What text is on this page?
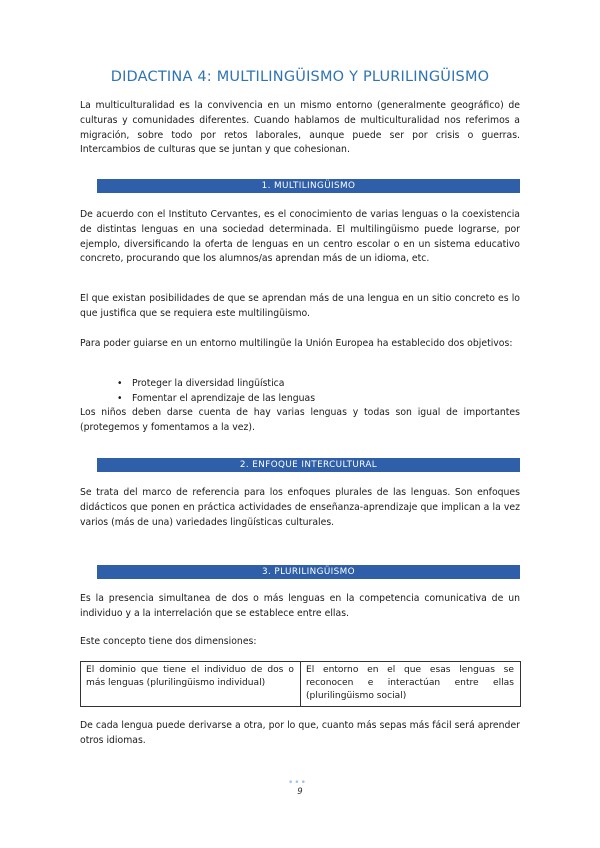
DIDACTINA 4: MULTILINGÜISMO Y PLURILINGÜISMO
La multiculturalidad es la convivencia en un mismo entorno (generalmente geográfico) de culturas y comunidades diferentes. Cuando hablamos de multiculturalidad nos referimos a migración, sobre todo por retos laborales, aunque puede ser por crisis o guerras. Intercambios de culturas que se juntan y que cohesionan.
1. MULTILINGÜISMO
De acuerdo con el Instituto Cervantes, es el conocimiento de varias lenguas o la coexistencia de distintas lenguas en una sociedad determinada. El multilingüismo puede lograrse, por ejemplo, diversificando la oferta de lenguas en un centro escolar o en un sistema educativo concreto, procurando que los alumnos/as aprendan más de un idioma, etc.
El que existan posibilidades de que se aprendan más de una lengua en un sitio concreto es lo que justifica que se requiera este multilingüismo.
Para poder guiarse en un entorno multilingüe la Unión Europea ha establecido dos objetivos:
• Proteger la diversidad lingüística
• Fomentar el aprendizaje de las lenguas
Los niños deben darse cuenta de hay varias lenguas y todas son igual de importantes (protegemos y fomentamos a la vez).
2. ENFOQUE INTERCULTURAL
Se trata del marco de referencia para los enfoques plurales de las lenguas. Son enfoques didácticos que ponen en práctica actividades de enseñanza-aprendizaje que implican a la vez varios (más de una) variedades lingüísticas culturales.
3. PLURILINGÜISMO
Es la presencia simultanea de dos o más lenguas en la competencia comunicativa de un individuo y a la interrelación que se establece entre ellas.
Este concepto tiene dos dimensiones:
El dominio que tiene el individuo de dos o más lenguas (plurilingüismo individual)	El entorno en el que esas lenguas se reconocen e interactúan entre ellas (plurilingüismo social)
De cada lengua puede derivarse a otra, por lo que, cuanto más sepas más fácil será aprender otros idiomas.
•••
9
